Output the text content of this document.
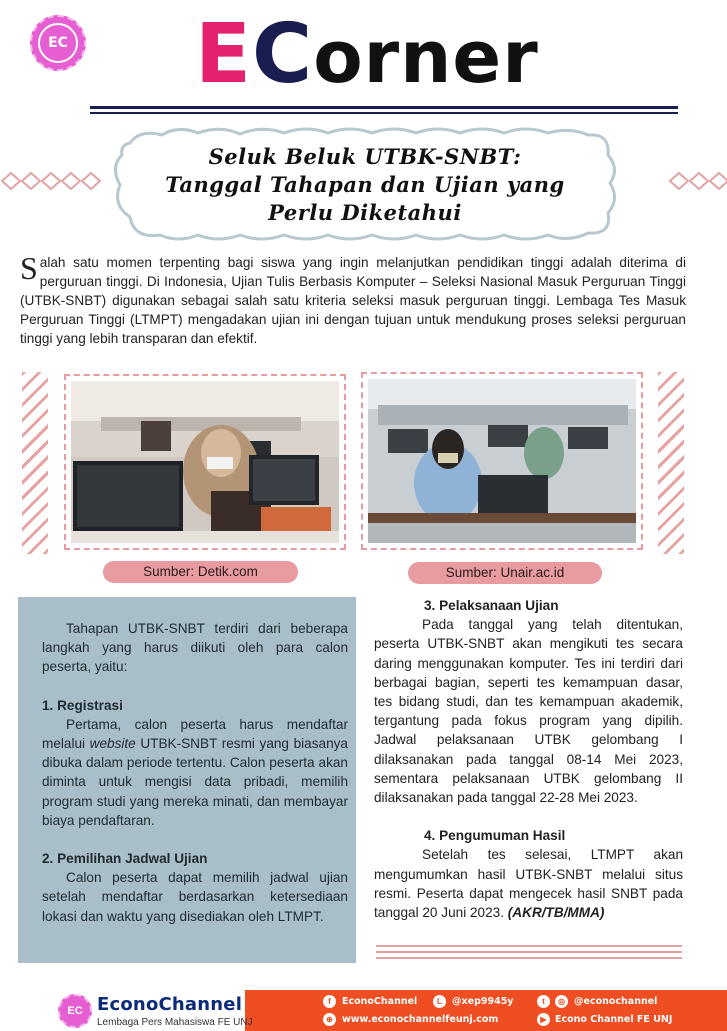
EC ECorner
Seluk Beluk UTBK-SNBT:
Tanggal Tahapan dan Ujian yang
Perlu Diketahui
Salah satu momen terpenting bagi siswa yang ingin melanjutkan pendidikan tinggi adalah diterima di perguruan tinggi. Di Indonesia, Ujian Tulis Berbasis Komputer – Seleksi Nasional Masuk Perguruan Tinggi (UTBK-SNBT) digunakan sebagai salah satu kriteria seleksi masuk perguruan tinggi. Lembaga Tes Masuk Perguruan Tinggi (LTMPT) mengadakan ujian ini dengan tujuan untuk mendukung proses seleksi perguruan tinggi yang lebih transparan dan efektif.
Sumber: Detik.com	Sumber: Unair.ac.id

Tahapan UTBK-SNBT terdiri dari beberapa langkah yang harus diikuti oleh para calon peserta, yaitu:

1. Registrasi

Pertama, calon peserta harus mendaftar melalui website UTBK-SNBT resmi yang biasanya dibuka dalam periode tertentu. Calon peserta akan diminta untuk mengisi data pribadi, memilih program studi yang mereka minati, dan membayar biaya pendaftaran.

2. Pemilihan Jadwal Ujian

Calon peserta dapat memilih jadwal ujian setelah mendaftar berdasarkan ketersediaan lokasi dan waktu yang disediakan oleh LTMPT.

3. Pelaksanaan Ujian

Pada tanggal yang telah ditentukan, peserta UTBK-SNBT akan mengikuti tes secara daring menggunakan komputer. Tes ini terdiri dari berbagai bagian, seperti tes kemampuan dasar, tes bidang studi, dan tes kemampuan akademik, tergantung pada fokus program yang dipilih. Jadwal pelaksanaan UTBK gelombang I dilaksanakan pada tanggal 08-14 Mei 2023, sementara pelaksanaan UTBK gelombang II dilaksanakan pada tanggal 22-28 Mei 2023.

4. Pengumuman Hasil

Setelah tes selesai, LTMPT akan mengumumkan hasil UTBK-SNBT melalui situs resmi. Peserta dapat mengecek hasil SNBT pada tanggal 20 Juni 2023. (AKR/TB/MMA)

EC EconoChannel
Lembaga Pers Mahasiswa FE UNJ
f	EconoChannel	L	@xep9945y	t	◎ @econochannel
⊕ www.econochannelfeunj.com	▶ Econo Channel FE UNJ
